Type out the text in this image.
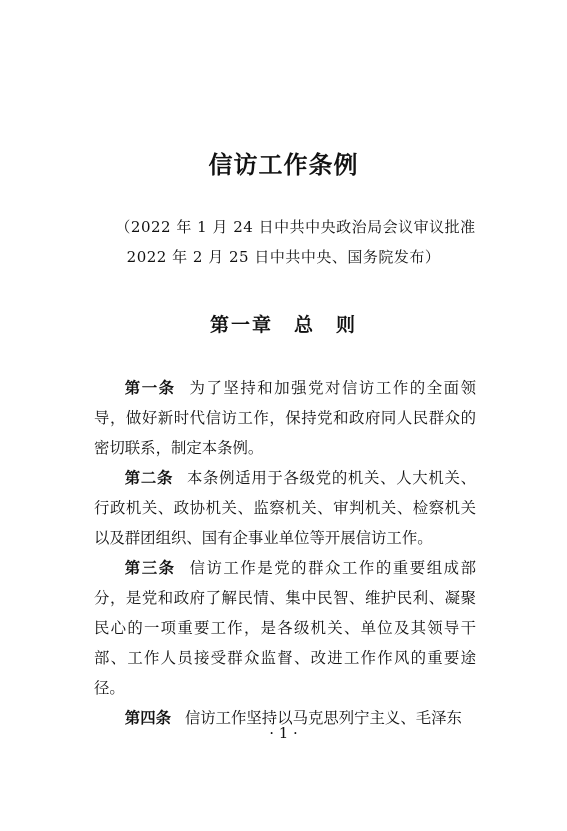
信访工作条例
（2022 年 1 月 24 日中共中央政治局会议审议批准
2022 年 2 月 25 日中共中央、国务院发布）
第一章　总　则

第一条 为了坚持和加强党对信访工作的全面领导，做好新时代信访工作，保持党和政府同人民群众的密切联系，制定本条例。

第二条 本条例适用于各级党的机关、人大机关、行政机关、政协机关、监察机关、审判机关、检察机关以及群团组织、国有企事业单位等开展信访工作。

第三条 信访工作是党的群众工作的重要组成部分，是党和政府了解民情、集中民智、维护民利、凝聚民心的一项重要工作，是各级机关、单位及其领导干部、工作人员接受群众监督、改进工作作风的重要途径。

第四条 信访工作坚持以马克思列宁主义、毛泽东

· 1 ·
